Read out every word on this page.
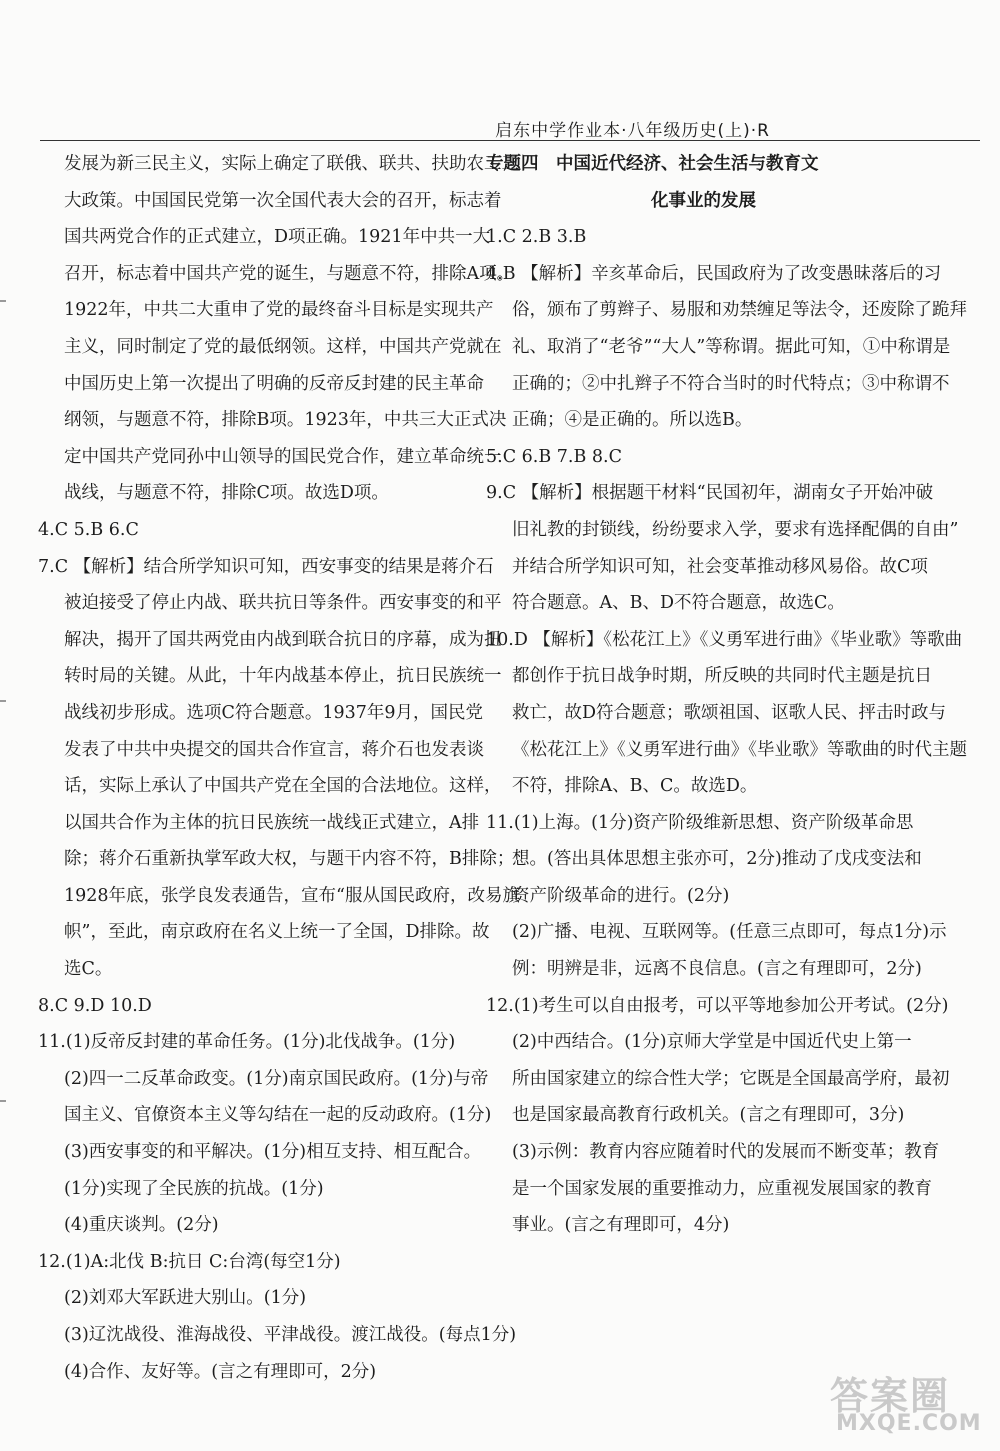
启东中学作业本·八年级历史(上)·R
发展为新三民主义，实际上确定了联俄、联共、扶助农工三
大政策。中国国民党第一次全国代表大会的召开，标志着
国共两党合作的正式建立，D项正确。1921年中共一大
召开，标志着中国共产党的诞生，与题意不符，排除A项。
1922年，中共二大重申了党的最终奋斗目标是实现共产
主义，同时制定了党的最低纲领。这样，中国共产党就在
中国历史上第一次提出了明确的反帝反封建的民主革命
纲领，与题意不符，排除B项。1923年，中共三大正式决
定中国共产党同孙中山领导的国民党合作，建立革命统一
战线，与题意不符，排除C项。故选D项。
4.C 5.B 6.C
7.C 【解析】结合所学知识可知，西安事变的结果是蒋介石
被迫接受了停止内战、联共抗日等条件。西安事变的和平
解决，揭开了国共两党由内战到联合抗日的序幕，成为扭
转时局的关键。从此，十年内战基本停止，抗日民族统一
战线初步形成。选项C符合题意。1937年9月，国民党
发表了中共中央提交的国共合作宣言，蒋介石也发表谈
话，实际上承认了中国共产党在全国的合法地位。这样，
以国共合作为主体的抗日民族统一战线正式建立，A排
除；蒋介石重新执掌军政大权，与题干内容不符，B排除；
1928年底，张学良发表通告，宣布“服从国民政府，改易旗
帜”，至此，南京政府在名义上统一了全国，D排除。故
选C。
8.C 9.D 10.D
11.(1)反帝反封建的革命任务。(1分)北伐战争。(1分)
(2)四一二反革命政变。(1分)南京国民政府。(1分)与帝
国主义、官僚资本主义等勾结在一起的反动政府。(1分)
(3)西安事变的和平解决。(1分)相互支持、相互配合。
(1分)实现了全民族的抗战。(1分)
(4)重庆谈判。(2分)
12.(1)A:北伐 B:抗日 C:台湾(每空1分)
(2)刘邓大军跃进大别山。(1分)
(3)辽沈战役、淮海战役、平津战役。渡江战役。(每点1分)
(4)合作、友好等。(言之有理即可，2分)
专题四　中国近代经济、社会生活与教育文
化事业的发展
1.C 2.B 3.B
4.B 【解析】辛亥革命后，民国政府为了改变愚昧落后的习
俗，颁布了剪辫子、易服和劝禁缠足等法令，还废除了跪拜
礼、取消了“老爷”“大人”等称谓。据此可知，①中称谓是
正确的；②中扎辫子不符合当时的时代特点；③中称谓不
正确；④是正确的。所以选B。
5.C 6.B 7.B 8.C
9.C 【解析】根据题干材料“民国初年，湖南女子开始冲破
旧礼教的封锁线，纷纷要求入学，要求有选择配偶的自由”
并结合所学知识可知，社会变革推动移风易俗。故C项
符合题意。A、B、D不符合题意，故选C。
10.D 【解析】《松花江上》《义勇军进行曲》《毕业歌》等歌曲
都创作于抗日战争时期，所反映的共同时代主题是抗日
救亡，故D符合题意；歌颂祖国、讴歌人民、抨击时政与
《松花江上》《义勇军进行曲》《毕业歌》等歌曲的时代主题
不符，排除A、B、C。故选D。
11.(1)上海。(1分)资产阶级维新思想、资产阶级革命思
想。(答出具体思想主张亦可，2分)推动了戊戌变法和
资产阶级革命的进行。(2分)
(2)广播、电视、互联网等。(任意三点即可，每点1分)示
例：明辨是非，远离不良信息。(言之有理即可，2分)
12.(1)考生可以自由报考，可以平等地参加公开考试。(2分)
(2)中西结合。(1分)京师大学堂是中国近代史上第一
所由国家建立的综合性大学；它既是全国最高学府，最初
也是国家最高教育行政机关。(言之有理即可，3分)
(3)示例：教育内容应随着时代的发展而不断变革；教育
是一个国家发展的重要推动力，应重视发展国家的教育
事业。(言之有理即可，4分)
答案圈
MXQE.COM
